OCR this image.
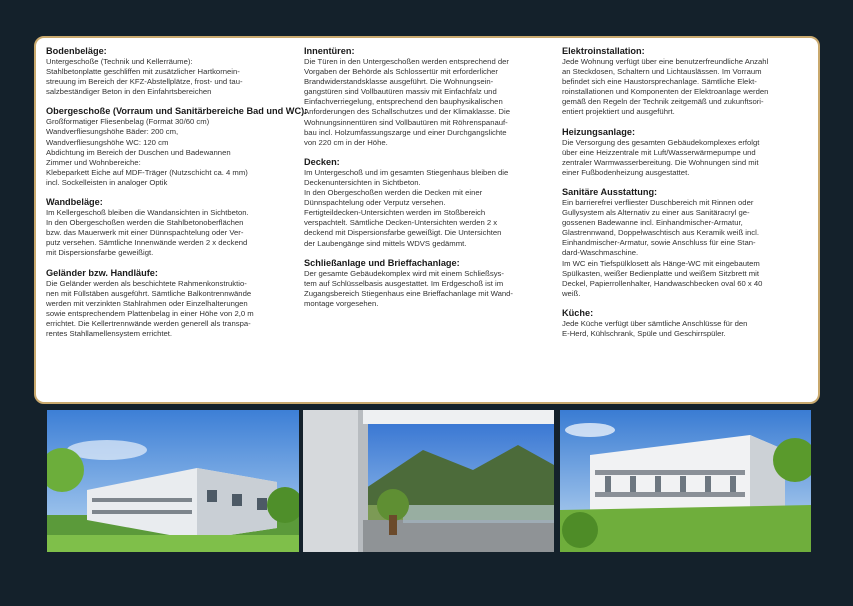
Bodenbeläge:

Untergeschoße (Technik und Kellerräume):
Stahlbetonplatte geschliffen mit zusätzlicher Hartkornein-
streuung im Bereich der KFZ-Abstellplätze, frost- und tau-
salzbeständiger Beton in den Einfahrtsbereichen

Obergeschoße (Vorraum und Sanitärbereiche Bad und WC):

Großformatiger Fliesenbelag (Format 30/60 cm)
Wandverfliesungshöhe Bäder: 200 cm,
Wandverfliesungshöhe WC: 120 cm
Abdichtung im Bereich der Duschen und Badewannen
Zimmer und Wohnbereiche:
Klebeparkett Eiche auf MDF-Träger (Nutzschicht ca. 4 mm)
incl. Sockelleisten in analoger Optik

Wandbeläge:

Im Kellergeschoß bleiben die Wandansichten in Sichtbeton.
In den Obergeschoßen werden die Stahlbetonoberflächen
bzw. das Mauerwerk mit einer Dünnspachtelung oder Ver-
putz versehen. Sämtliche Innenwände werden 2 x deckend
mit Dispersionsfarbe geweißigt.

Geländer bzw. Handläufe:

Die Geländer werden als beschichtete Rahmenkonstruktio-
nen mit Füllstäben ausgeführt. Sämtliche Balkontrennwände
werden mit verzinkten Stahlrahmen oder Einzelhalterungen
sowie entsprechendem Plattenbelag in einer Höhe von 2,0 m
errichtet. Die Kellertrennwände werden generell als transpa-
rentes Stahllamellensystem errichtet.

Innentüren:

Die Türen in den Untergeschoßen werden entsprechend der
Vorgaben der Behörde als Schlossertür mit erforderlicher
Brandwiderstandsklasse ausgeführt. Die Wohnungsein-
gangstüren sind Vollbautüren massiv mit Einfachfalz und
Einfachverriegelung, entsprechend den bauphysikalischen
Anforderungen des Schallschutzes und der Klimaklasse. Die
Wohnungsinnentüren sind Vollbautüren mit Röhrenspanauf-
bau incl. Holzumfassungszarge und einer Durchgangslichte
von 220 cm in der Höhe.

Decken:

Im Untergeschoß und im gesamten Stiegenhaus bleiben die
Deckenuntersichten in Sichtbeton.
In den Obergeschoßen werden die Decken mit einer
Dünnspachtelung oder Verputz versehen.
Fertigteildecken-Untersichten werden im Stoßbereich
verspachtelt. Sämtliche Decken-Untersichten werden 2 x
deckend mit Dispersionsfarbe geweißigt. Die Untersichten
der Laubengänge sind mittels WDVS gedämmt.

Schließanlage und Brieffachanlage:

Der gesamte Gebäudekomplex wird mit einem Schließsys-
tem auf Schlüsselbasis ausgestattet. Im Erdgeschoß ist im
Zugangsbereich Stiegenhaus eine Brieffachanlage mit Wand-
montage vorgesehen.

Elektroinstallation:

Jede Wohnung verfügt über eine benutzerfreundliche Anzahl
an Steckdosen, Schaltern und Lichtauslässen. Im Vorraum
befindet sich eine Haustorsprechanlage. Sämtliche Elekt-
roinstallationen und Komponenten der Elektroanlage werden
gemäß den Regeln der Technik zeitgemäß und zukunftsori-
entiert projektiert und ausgeführt.

Heizungsanlage:

Die Versorgung des gesamten Gebäudekomplexes erfolgt
über eine Heizzentrale mit Luft/Wasserwärmepumpe und
zentraler Warmwasserbereitung. Die Wohnungen sind mit
einer Fußbodenheizung ausgestattet.

Sanitäre Ausstattung:

Ein barrierefrei verfliester Duschbereich mit Rinnen oder
Gullysystem als Alternativ zu einer aus Sanitäracryl ge-
gossenen Badewanne incl. Einhandmischer-Armatur,
Glastrennwand, Doppelwaschtisch aus Keramik weiß incl.
Einhandmischer-Armatur, sowie Anschluss für eine Stan-
dard-Waschmaschine.
Im WC ein Tiefspülklosett als Hänge-WC mit eingebautem
Spülkasten, weißer Bedienplatte und weißem Sitzbrett mit
Deckel, Papierrollenhalter, Handwaschbecken oval 60 x 40
weiß.

Küche:

Jede Küche verfügt über sämtliche Anschlüsse für den
E-Herd, Kühlschrank, Spüle und Geschirrspüler.
